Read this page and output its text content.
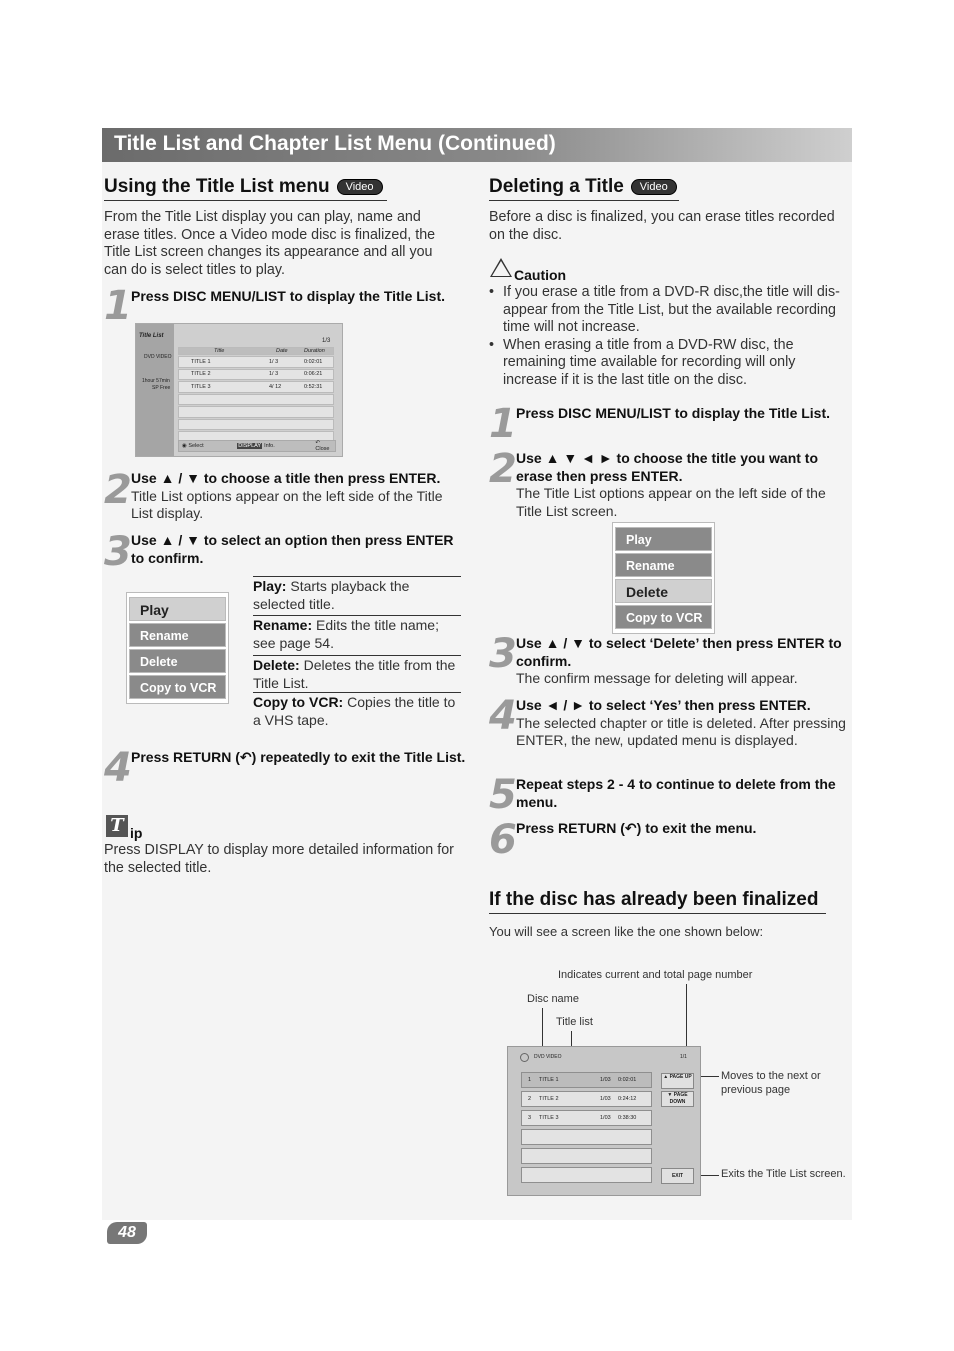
Title List and Chapter List Menu (Continued)
Using the Title List menu	Video
From the Title List display you can play, name and erase titles. Once a Video mode disc is finalized, the Title List screen changes its appearance and all you can do is select titles to play.
1 Press DISC MENU/LIST to display the Title List.
Title List
1/3
DVD VIDEO
1hour 57min
SP Free
Title	Date	Duration
TITLE 1	1/ 3	0:02:01
TITLE 2	1/ 3	0:06:21
TITLE 3	4/ 12	0:52:31
◉ Select	DISPLAY Info.	↶ Close
2 Use ▲ / ▼ to choose a title then press ENTER.
Title List options appear on the left side of the Title List display.
3 Use ▲ / ▼ to select an option then press ENTER to confirm.
Play
Rename
Delete
Copy to VCR
Play: Starts playback the selected title.
Rename: Edits the title name; see page 54.
Delete: Deletes the title from the Title List.
Copy to VCR: Copies the title to a VHS tape.
4 Press RETURN (↶) repeatedly to exit the Title List.
T ip
Press DISPLAY to display more detailed information for the selected title.
Deleting a Title	Video
Before a disc is finalized, you can erase titles recorded on the disc.
Caution
• If you erase a title from a DVD-R disc,the title will dis-appear from the Title List, but the available recording time will not increase.
• When erasing a title from a DVD-RW disc, the remaining time available for recording will only increase if it is the last title on the disc.
1 Press DISC MENU/LIST to display the Title List.
2 Use ▲ ▼ ◄ ► to choose the title you want to erase then press ENTER.
The Title List options appear on the left side of the Title List screen.
Play
Rename
Delete
Copy to VCR
3 Use ▲ / ▼ to select ‘Delete’ then press ENTER to confirm.
The confirm message for deleting will appear.
4 Use ◄ / ► to select ‘Yes’ then press ENTER.
The selected chapter or title is deleted. After pressing ENTER, the new, updated menu is displayed.
5 Repeat steps 2 - 4 to continue to delete from the menu.
6 Press RETURN (↶) to exit the menu.
If the disc has already been finalized
You will see a screen like the one shown below:
Indicates current and total page number
Disc name
Title list
Moves to the next or previous page
Exits the Title List screen.
DVD VIDEO	1/1
1	TITLE 1	1/03	0:02:01
2	TITLE 2	1/03	0:24:12
3	TITLE 3	1/03	0:38:30
▲ PAGE UP
▼ PAGE DOWN
EXIT
48
